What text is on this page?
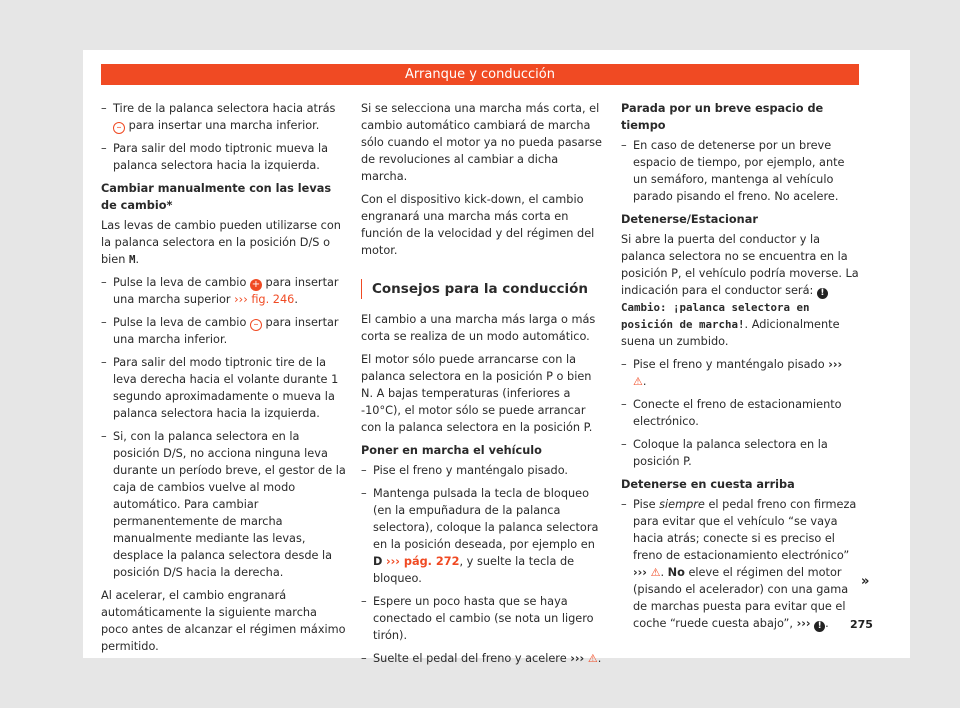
Arranque y conducción
– Tire de la palanca selectora hacia atrás – para insertar una marcha inferior.
– Para salir del modo tiptronic mueva la palanca selectora hacia la izquierda.
Cambiar manualmente con las levas de cambio*

Las levas de cambio pueden utilizarse con la palanca selectora en la posición D/S o bien M.

– Pulse la leva de cambio + para insertar una marcha superior ››› fig. 246.
– Pulse la leva de cambio – para insertar una marcha inferior.
– Para salir del modo tiptronic tire de la leva derecha hacia el volante durante 1 segundo aproximadamente o mueva la palanca selectora hacia la izquierda.
– Si, con la palanca selectora en la posición D/S, no acciona ninguna leva durante un período breve, el gestor de la caja de cambios vuelve al modo automático. Para cambiar permanentemente de marcha manualmente mediante las levas, desplace la palanca selectora desde la posición D/S hacia la derecha.

Al acelerar, el cambio engranará automáticamente la siguiente marcha poco antes de alcanzar el régimen máximo permitido.

Si se selecciona una marcha más corta, el cambio automático cambiará de marcha sólo cuando el motor ya no pueda pasarse de revoluciones al cambiar a dicha marcha.

Con el dispositivo kick-down, el cambio engranará una marcha más corta en función de la velocidad y del régimen del motor.

Consejos para la conducción

El cambio a una marcha más larga o más corta se realiza de un modo automático.

El motor sólo puede arrancarse con la palanca selectora en la posición P o bien N. A bajas temperaturas (inferiores a -10°C), el motor sólo se puede arrancar con la palanca selectora en la posición P.

Poner en marcha el vehículo
– Pise el freno y manténgalo pisado.
– Mantenga pulsada la tecla de bloqueo (en la empuñadura de la palanca selectora), coloque la palanca selectora en la posición deseada, por ejemplo en D ››› pág. 272, y suelte la tecla de bloqueo.
– Espere un poco hasta que se haya conectado el cambio (se nota un ligero tirón).
– Suelte el pedal del freno y acelere ››› ⚠.
Parada por un breve espacio de tiempo
– En caso de detenerse por un breve espacio de tiempo, por ejemplo, ante un semáforo, mantenga al vehículo parado pisando el freno. No acelere.
Detenerse/Estacionar

Si abre la puerta del conductor y la palanca selectora no se encuentra en la posición P, el vehículo podría moverse. La indicación para el conductor será: ! Cambio: ¡palanca selectora en posición de marcha!. Adicionalmente suena un zumbido.

– Pise el freno y manténgalo pisado ››› ⚠.
– Conecte el freno de estacionamiento electrónico.
– Coloque la palanca selectora en la posición P.
Detenerse en cuesta arriba
– Pise siempre el pedal freno con firmeza para evitar que el vehículo “se vaya hacia atrás; conecte si es preciso el freno de estacionamiento electrónico” ››› ⚠. No eleve el régimen del motor (pisando el acelerador) con una gama de marchas puesta para evitar que el coche “ruede cuesta abajo”, ››› ! .
»
275
